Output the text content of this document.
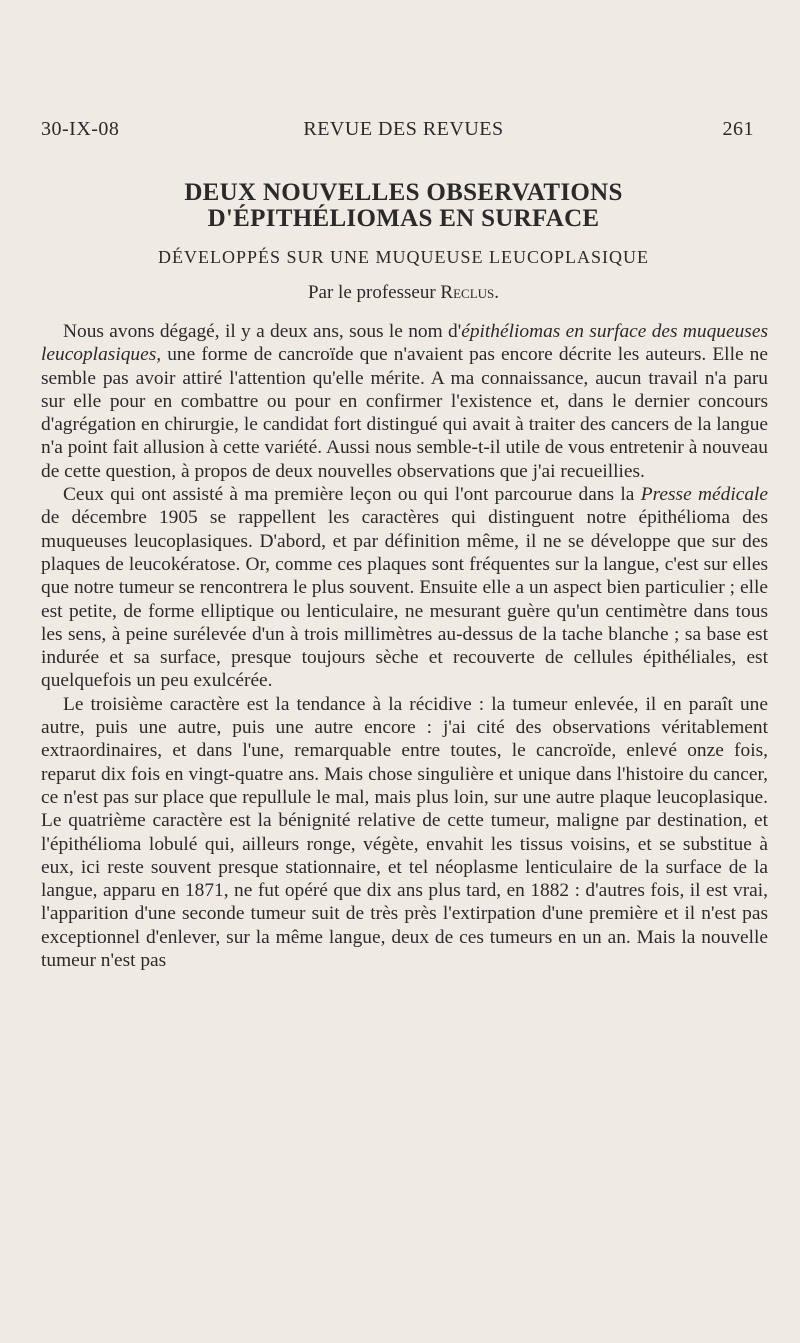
30-IX-08	REVUE DES REVUES	261
DEUX NOUVELLES OBSERVATIONS
D'ÉPITHÉLIOMAS EN SURFACE
DÉVELOPPÉS SUR UNE MUQUEUSE LEUCOPLASIQUE
Par le professeur Reclus.

Nous avons dégagé, il y a deux ans, sous le nom d'épithéliomas en surface des muqueuses leucoplasiques, une forme de cancroïde que n'avaient pas encore décrite les auteurs. Elle ne semble pas avoir attiré l'attention qu'elle mérite. A ma connaissance, aucun travail n'a paru sur elle pour en combattre ou pour en confirmer l'existence et, dans le dernier concours d'agrégation en chirurgie, le candidat fort distingué qui avait à traiter des cancers de la langue n'a point fait allusion à cette variété. Aussi nous semble-t-il utile de vous entretenir à nouveau de cette question, à propos de deux nouvelles observations que j'ai recueillies.

Ceux qui ont assisté à ma première leçon ou qui l'ont parcourue dans la Presse médicale de décembre 1905 se rappellent les caractères qui distinguent notre épithélioma des muqueuses leucoplasiques. D'abord, et par définition même, il ne se développe que sur des plaques de leucokératose. Or, comme ces plaques sont fréquentes sur la langue, c'est sur elles que notre tumeur se rencontrera le plus souvent. Ensuite elle a un aspect bien particulier ; elle est petite, de forme elliptique ou lenticulaire, ne mesurant guère qu'un centimètre dans tous les sens, à peine surélevée d'un à trois millimètres au-dessus de la tache blanche ; sa base est indurée et sa surface, presque toujours sèche et recouverte de cellules épithéliales, est quelquefois un peu exulcérée.

Le troisième caractère est la tendance à la récidive : la tumeur enlevée, il en paraît une autre, puis une autre, puis une autre encore : j'ai cité des observations véritablement extraordinaires, et dans l'une, remarquable entre toutes, le cancroïde, enlevé onze fois, reparut dix fois en vingt-quatre ans. Mais chose singulière et unique dans l'histoire du cancer, ce n'est pas sur place que repullule le mal, mais plus loin, sur une autre plaque leucoplasique. Le quatrième caractère est la bénignité relative de cette tumeur, maligne par destination, et l'épithélioma lobulé qui, ailleurs ronge, végète, envahit les tissus voisins, et se substitue à eux, ici reste souvent presque stationnaire, et tel néoplasme lenticulaire de la surface de la langue, apparu en 1871, ne fut opéré que dix ans plus tard, en 1882 : d'autres fois, il est vrai, l'apparition d'une seconde tumeur suit de très près l'extirpation d'une première et il n'est pas exceptionnel d'enlever, sur la même langue, deux de ces tumeurs en un an. Mais la nouvelle tumeur n'est pas
